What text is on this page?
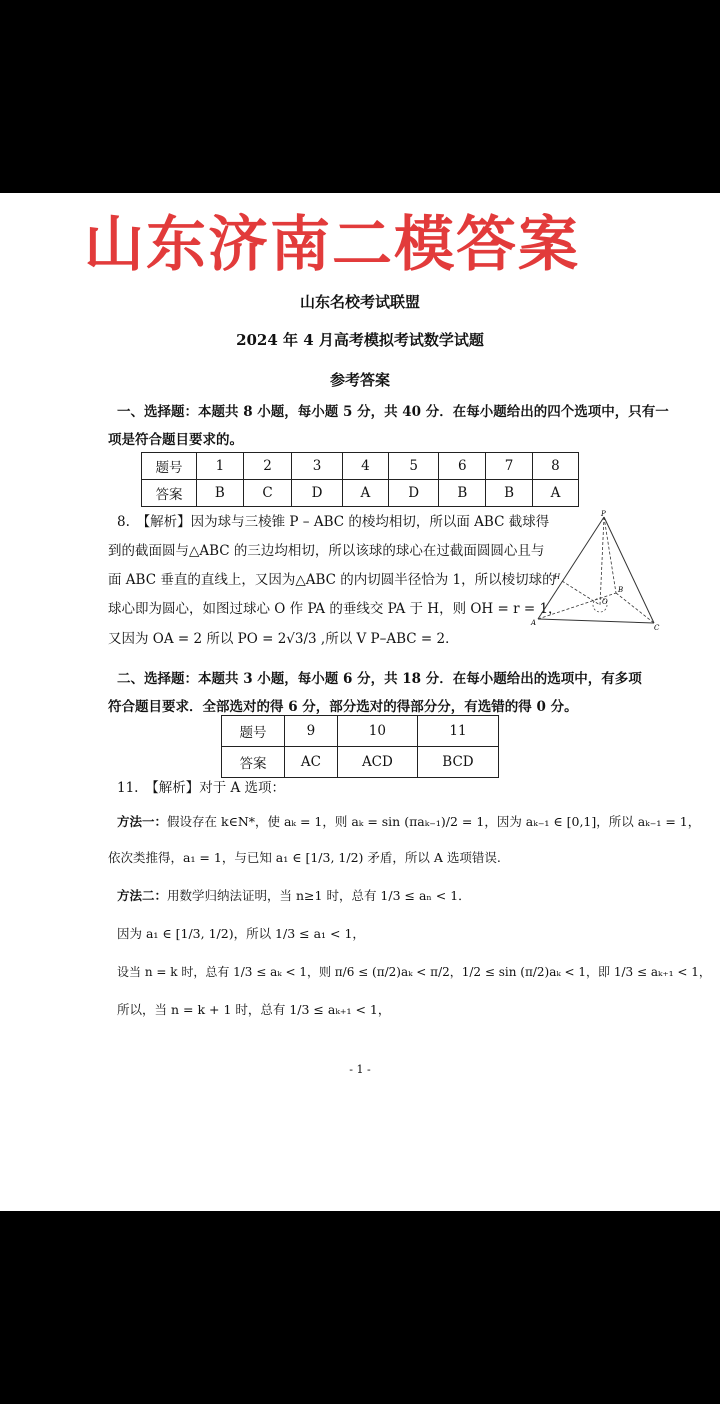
山东济南二模答案
山东名校考试联盟
2024 年 4 月高考模拟考试数学试题
参考答案
一、选择题：本题共 8 小题，每小题 5 分，共 40 分．在每小题给出的四个选项中，只有一
项是符合题目要求的。
题号	1	2	3	4	5	6	7	8
答案	B	C	D	A	D	B	B	A
8.　【解析】因为球与三棱锥 P – ABC 的棱均相切，所以面 ABC 截球得
到的截面圆与△ABC 的三边均相切，所以该球的球心在过截面圆圆心且与
面 ABC 垂直的直线上，又因为△ABC 的内切圆半径恰为 1，所以棱切球的
球心即为圆心，如图过球心 O 作 PA 的垂线交 PA 于 H，则 OH = r = 1，
又因为 OA = 2 所以 PO = 2√3/3 ,所以 V P–ABC = 2．
P
H
B
O
A
C
二、选择题：本题共 3 小题，每小题 6 分，共 18 分．在每小题给出的选项中，有多项
符合题目要求．全部选对的得 6 分，部分选对的得部分分，有选错的得 0 分。
题号	9	10	11
答案	AC	ACD	BCD
11.　【解析】对于 A 选项：
方法一：假设存在 k∈N*，使 aₖ = 1，则 aₖ = sin (πaₖ₋₁)/2 = 1，因为 aₖ₋₁ ∈ [0,1]，所以 aₖ₋₁ = 1，
依次类推得，a₁ = 1，与已知 a₁ ∈ [1/3, 1/2) 矛盾，所以 A 选项错误.
方法二：用数学归纳法证明，当 n≥1 时，总有 1/3 ≤ aₙ < 1．
因为 a₁ ∈ [1/3, 1/2)，所以 1/3 ≤ a₁ < 1，
设当 n = k 时，总有 1/3 ≤ aₖ < 1，则 π/6 ≤ (π/2)aₖ < π/2，1/2 ≤ sin (π/2)aₖ < 1，即 1/3 ≤ aₖ₊₁ < 1，
所以，当 n = k + 1 时，总有 1/3 ≤ aₖ₊₁ < 1，
- 1 -
